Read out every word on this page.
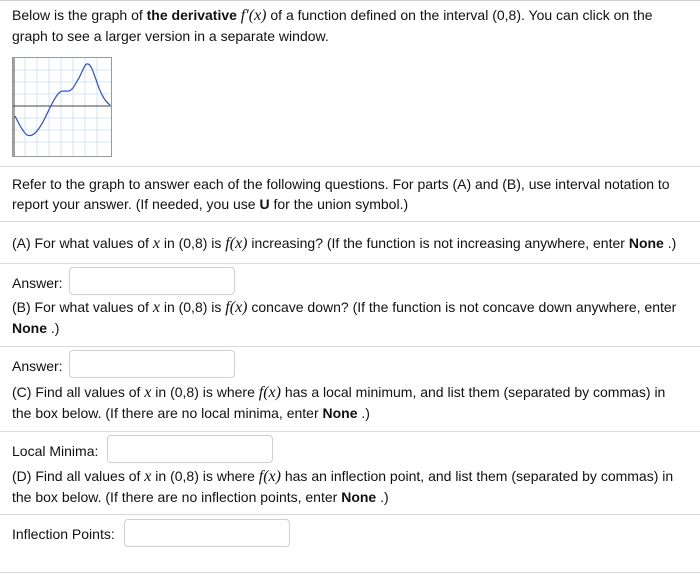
Below is the graph of the derivative f′(x) of a function defined on the interval (0,8). You can click on the graph to see a larger version in a separate window.

Refer to the graph to answer each of the following questions. For parts (A) and (B), use interval notation to report your answer. (If needed, you use U for the union symbol.)

(A) For what values of x in (0,8) is f(x) increasing? (If the function is not increasing anywhere, enter None .)

Answer:

(B) For what values of x in (0,8) is f(x) concave down? (If the function is not concave down anywhere, enter None .)

Answer:

(C) Find all values of x in (0,8) is where f(x) has a local minimum, and list them (separated by commas) in the box below. (If there are no local minima, enter None .)

Local Minima:

(D) Find all values of x in (0,8) is where f(x) has an inflection point, and list them (separated by commas) in the box below. (If there are no inflection points, enter None .)

Inflection Points:
